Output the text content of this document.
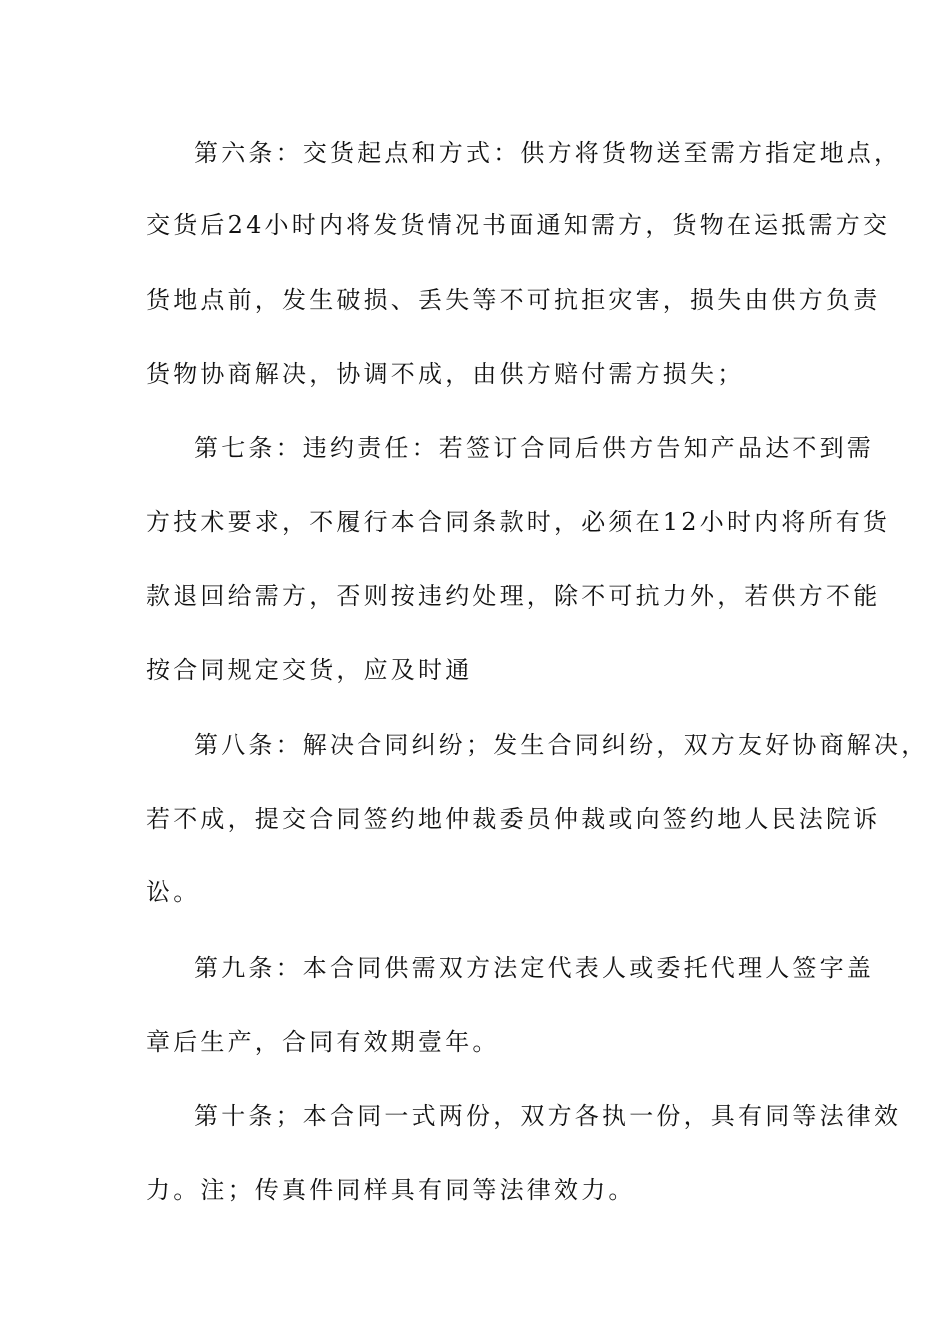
第六条：交货起点和方式：供方将货物送至需方指定地点，
交货后24小时内将发货情况书面通知需方，货物在运抵需方交
货地点前，发生破损、丢失等不可抗拒灾害，损失由供方负责
货物协商解决，协调不成，由供方赔付需方损失；
第七条：违约责任：若签订合同后供方告知产品达不到需
方技术要求，不履行本合同条款时，必须在12小时内将所有货
款退回给需方，否则按违约处理，除不可抗力外，若供方不能
按合同规定交货，应及时通
第八条：解决合同纠纷；发生合同纠纷，双方友好协商解决，
若不成，提交合同签约地仲裁委员仲裁或向签约地人民法院诉
讼。
第九条：本合同供需双方法定代表人或委托代理人签字盖
章后生产，合同有效期壹年。
第十条；本合同一式两份，双方各执一份，具有同等法律效
力。注；传真件同样具有同等法律效力。
